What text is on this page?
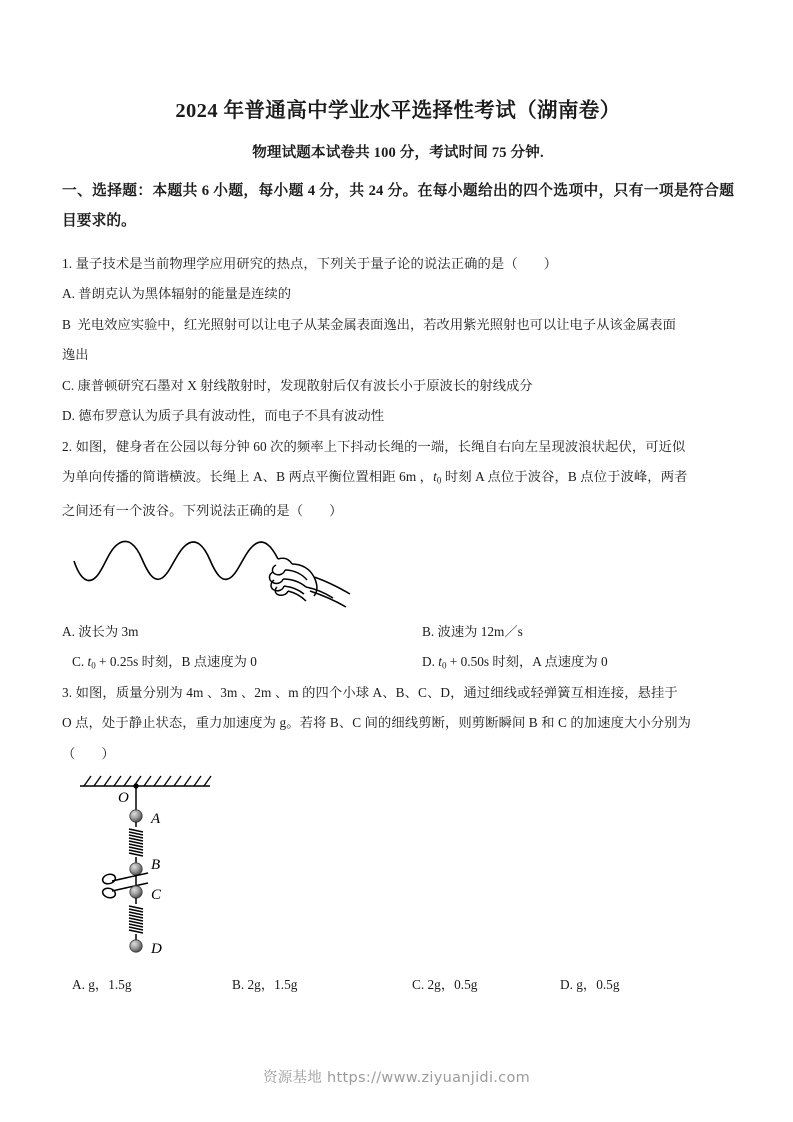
2024 年普通高中学业水平选择性考试（湖南卷）
物理试题本试卷共 100 分，考试时间 75 分钟.

一、选择题：本题共 6 小题，每小题 4 分，共 24 分。在每小题给出的四个选项中，只有一项是符合题目要求的。

1. 量子技术是当前物理学应用研究的热点，下列关于量子论的说法正确的是（ ）

A. 普朗克认为黑体辐射的能量是连续的

B 光电效应实验中，红光照射可以让电子从某金属表面逸出，若改用紫光照射也可以让电子从该金属表面

逸出

C. 康普顿研究石墨对 X 射线散射时，发现散射后仅有波长小于原波长的射线成分

D. 德布罗意认为质子具有波动性，而电子不具有波动性

2. 如图，健身者在公园以每分钟 60 次的频率上下抖动长绳的一端，长绳自右向左呈现波浪状起伏，可近似

为单向传播的简谐横波。长绳上 A、B 两点平衡位置相距 6m ，$t_0$ 时刻 A 点位于波谷，B 点位于波峰，两者

之间还有一个波谷。下列说法正确的是（ ）

A. 波长为 3m	B. 波速为 12m／s
C. $t_0 + 0.25s$ 时刻，B 点速度为 0	D. $t_0 + 0.50s$ 时刻，A 点速度为 0

3. 如图，质量分别为 4m 、3m 、2m 、m 的四个小球 A、B、C、D，通过细线或轻弹簧互相连接，悬挂于

O 点，处于静止状态，重力加速度为 g。若将 B、C 间的细线剪断，则剪断瞬间 B 和 C 的加速度大小分别为

（ ）

O
A
B
C
D
A. g，1.5g	B. 2g，1.5g	C. 2g，0.5g	D. g，0.5g
资源基地 https://www.ziyuanjidi.com
